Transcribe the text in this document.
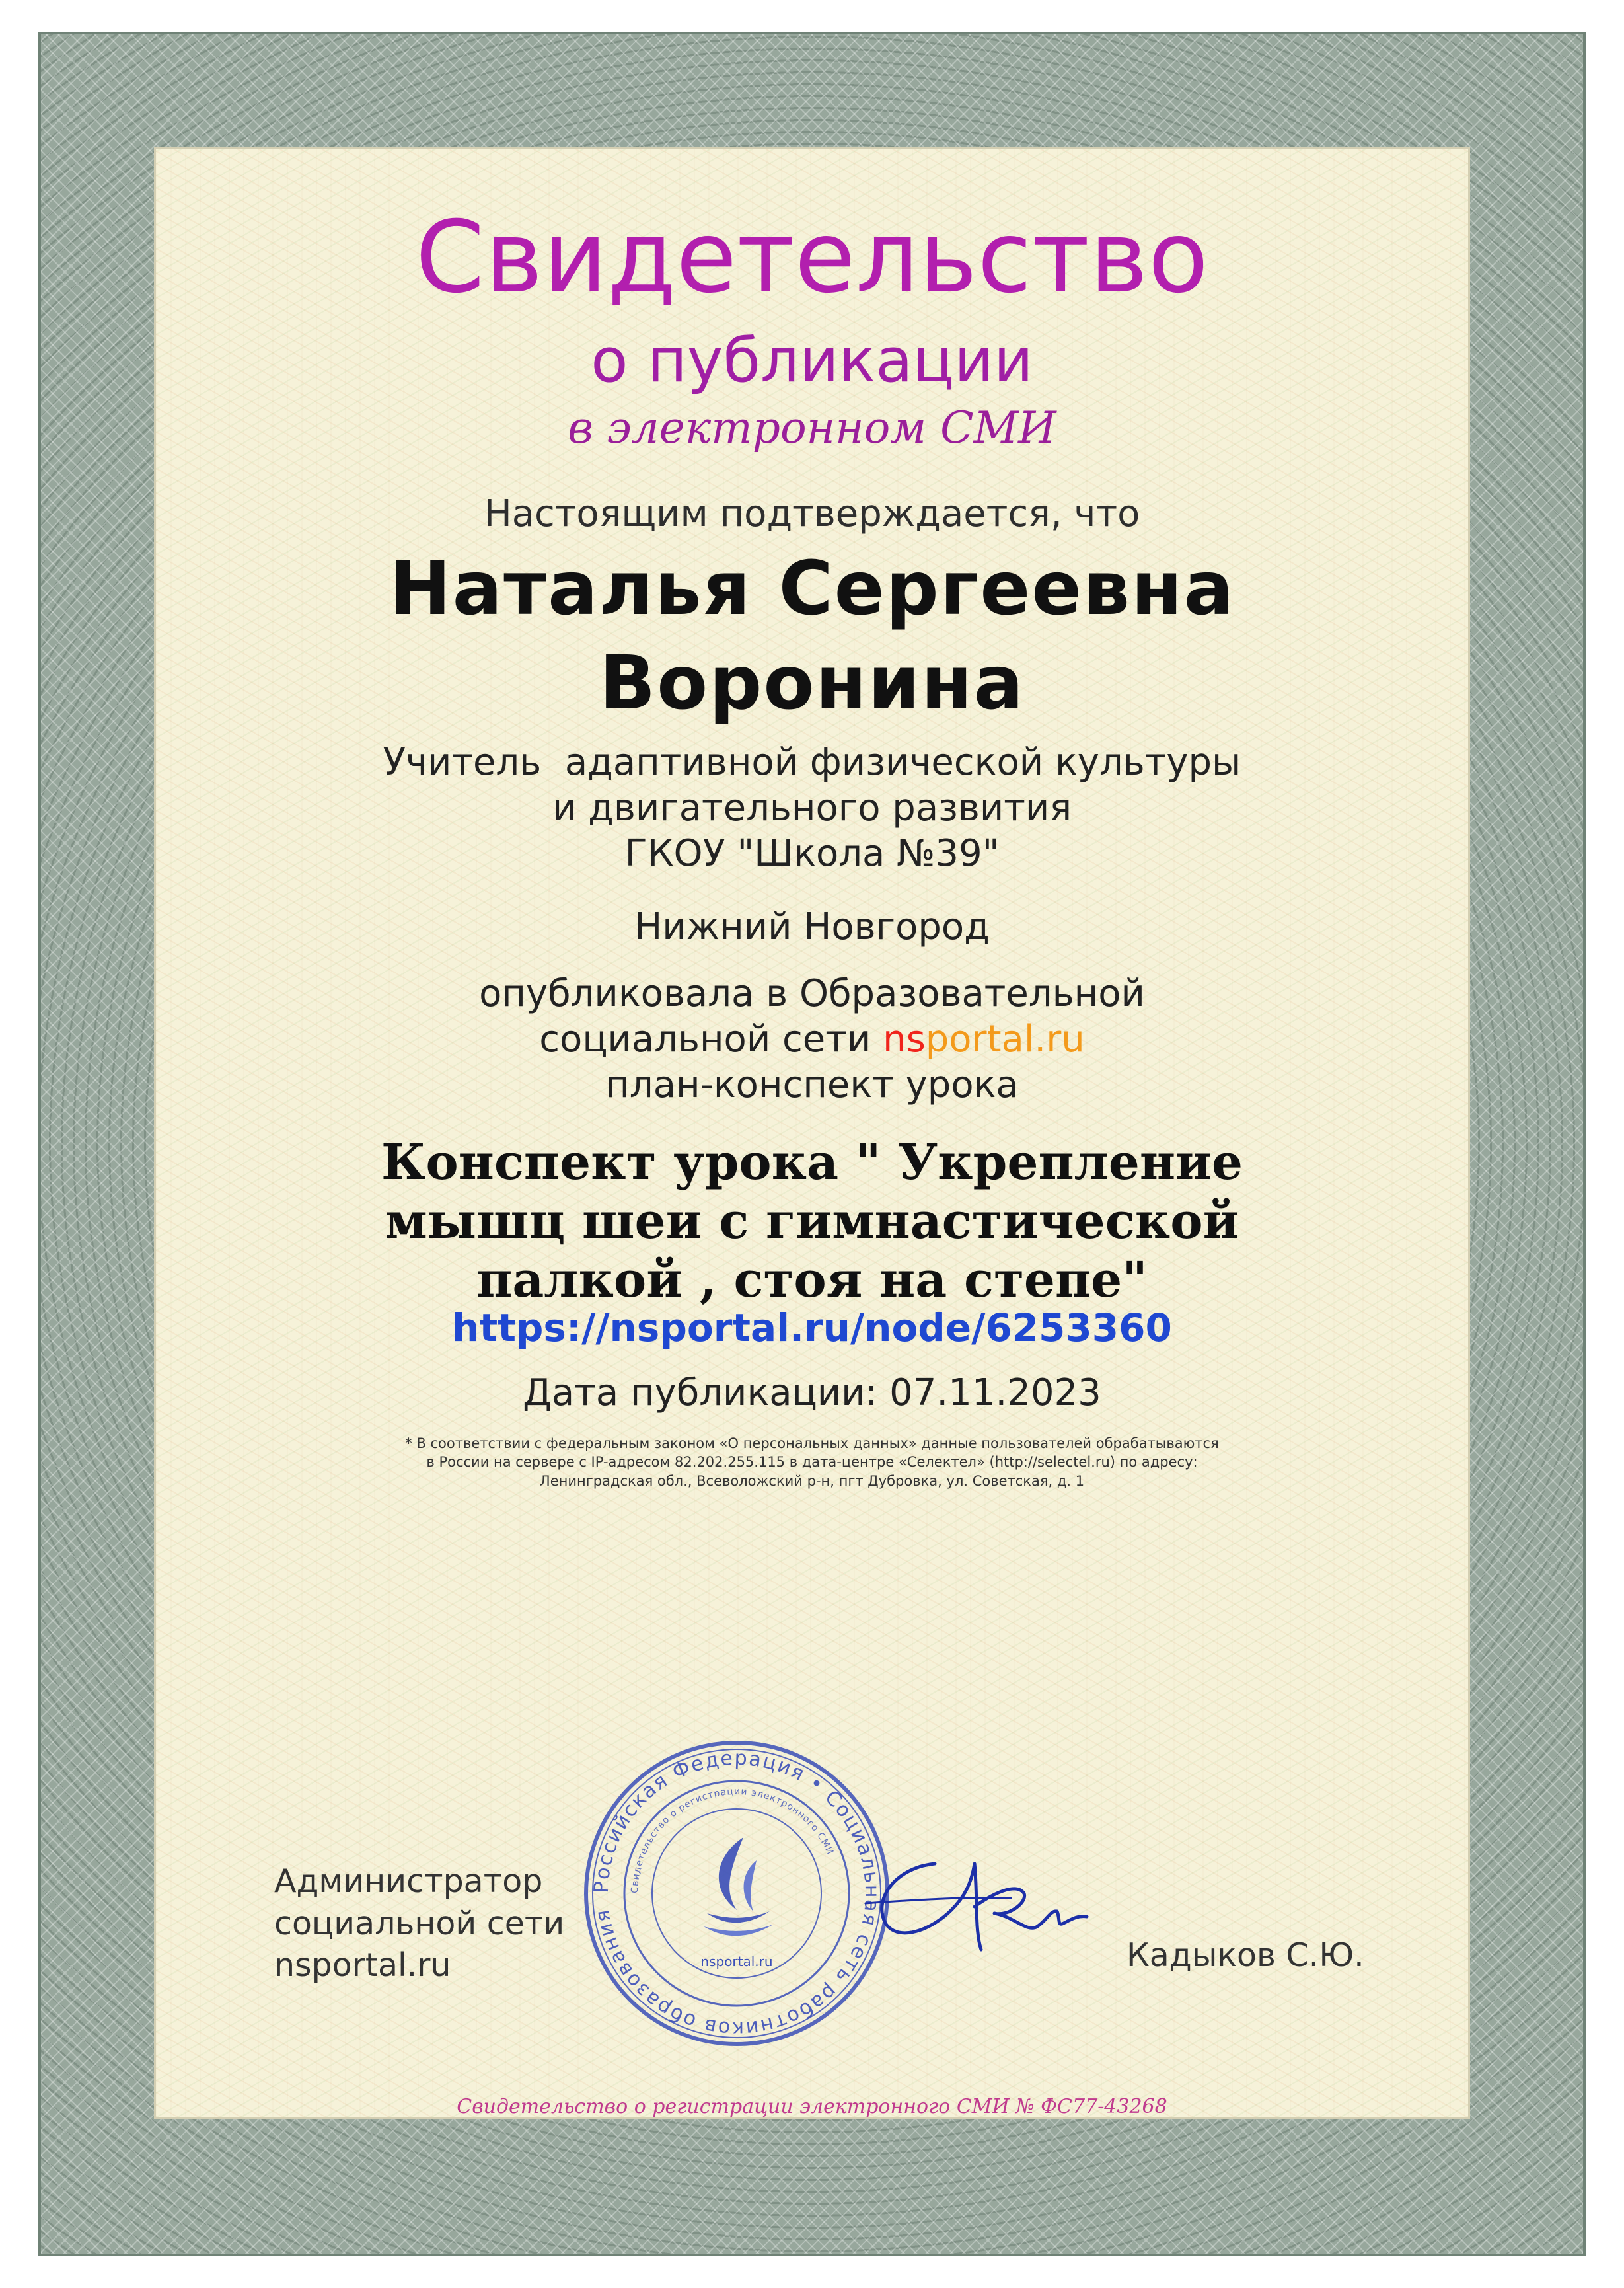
Свидетельство
о публикации
в электронном СМИ
Настоящим подтверждается, что
Наталья Сергеевна
Воронина
Учитель  адаптивной физической культуры
и двигательного развития
ГКОУ "Школа №39"
Нижний Новгород
опубликовала в Образовательной
социальной сети nsportal.ru
план-конспект урока
Конспект урока " Укрепление
мышц шеи с гимнастической
палкой , стоя на степе"
https://nsportal.ru/node/6253360
Дата публикации: 07.11.2023
* В соответствии с федеральным законом «О персональных данных» данные пользователей обрабатываются
в России на сервере с IP-адресом 82.202.255.115 в дата-центре «Селектел» (http://selectel.ru) по адресу:
Ленинградская обл., Всеволожский р-н, пгт Дубровка, ул. Советская, д. 1
Администратор
социальной сети
nsportal.ru
Российская Федерация • Социальная сеть работников образования
Свидетельство о регистрации электронного СМИ
nsportal.ru	Кадыков С.Ю.
Свидетельство о регистрации электронного СМИ № ФС77-43268
